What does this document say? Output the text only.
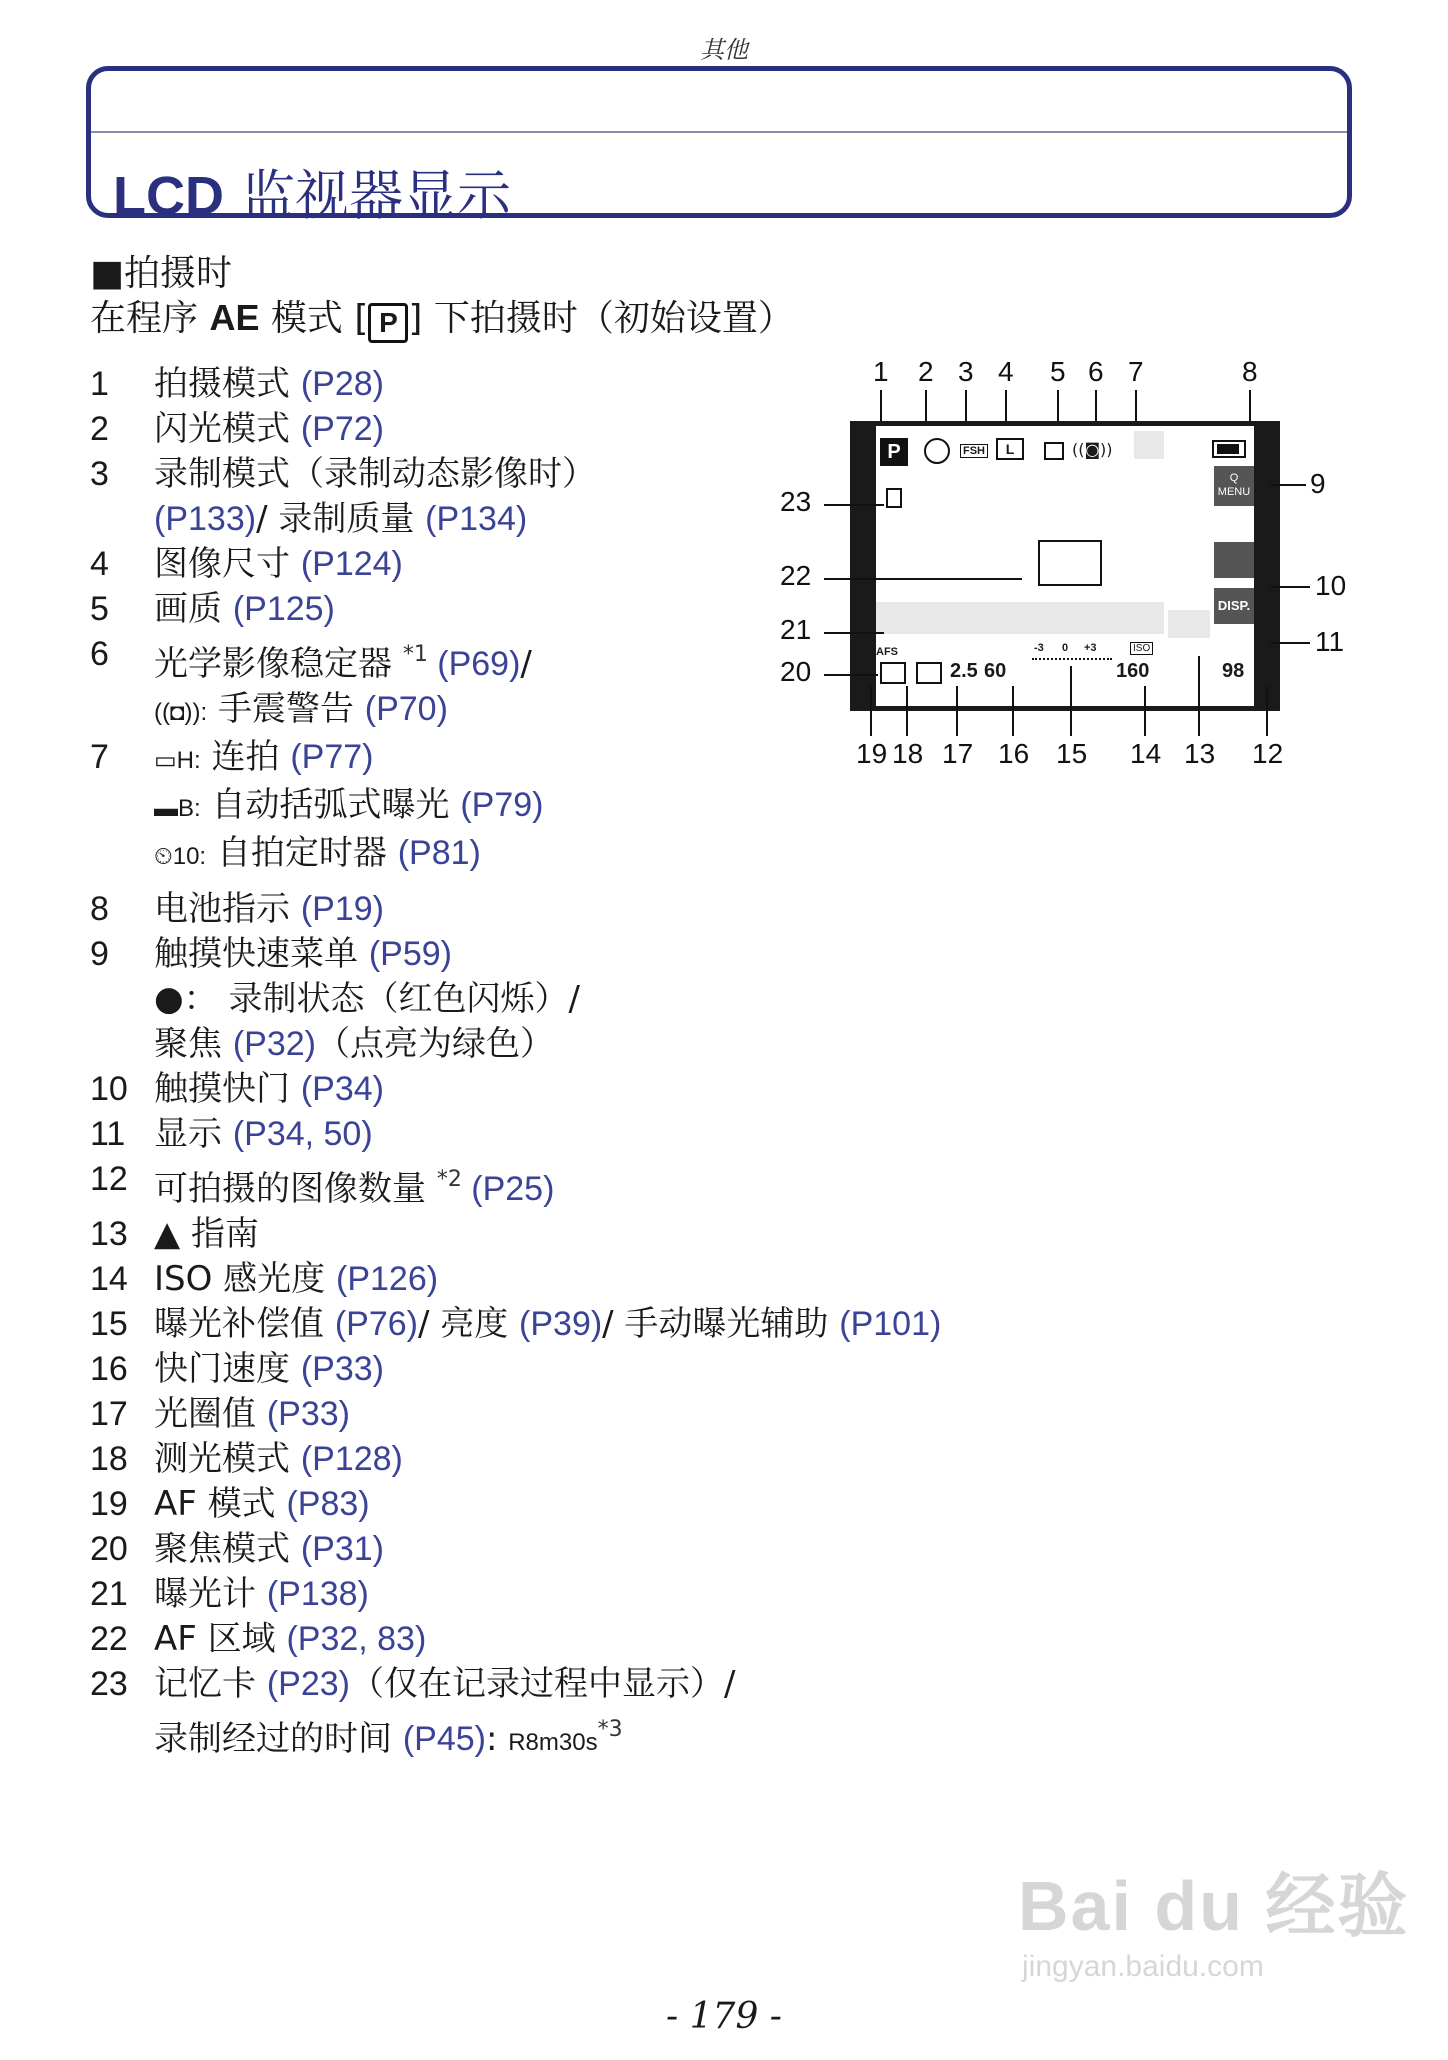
其他
LCD 监视器显示
■拍摄时
在程序 AE 模式 [ P ] 下拍摄时（初始设置）
1 拍摄模式 (P28)
2 闪光模式 (P72)
3 录制模式（录制动态影像时）
(P133)/ 录制质量 (P134)
4 图像尺寸 (P124)
5 画质 (P125)
6 光学影像稳定器 $^{*1}$ (P69)/
((◘)): 手震警告 (P70)
7 ▭H: 连拍 (P77)
▬B: 自动括弧式曝光 (P79)
⏲10: 自拍定时器 (P81)
8 电池指示 (P19)
9 触摸快速菜单 (P59)
●： 录制状态（红色闪烁）/
聚焦 (P32)（点亮为绿色）
10 触摸快门 (P34)
11 显示 (P34, 50)
12 可拍摄的图像数量 $^{*2}$ (P25)
13 ▲ 指南
14 ISO 感光度 (P126)
15 曝光补偿值 (P76)/ 亮度 (P39)/ 手动曝光辅助 (P101)
16 快门速度 (P33)
17 光圈值 (P33)
18 测光模式 (P128)
19 AF 模式 (P83)
20 聚焦模式 (P31)
21 曝光计 (P138)
22 AF 区域 (P32, 83)
23 记忆卡 (P23)（仅在记录过程中显示）/
录制经过的时间 (P45): $R8m30s^{*3}$
1 2 3 4 5 6 7	8
23
22
21
20
9
10
11
19 18 17 16 15 14 13 12
P	FSH	L	((◙))
Q
MENU
DISP.
AFS
2.5 60
-3 0 +3	ISO
160	98
Bai du 经验
jingyan.baidu.com
- 179 -
